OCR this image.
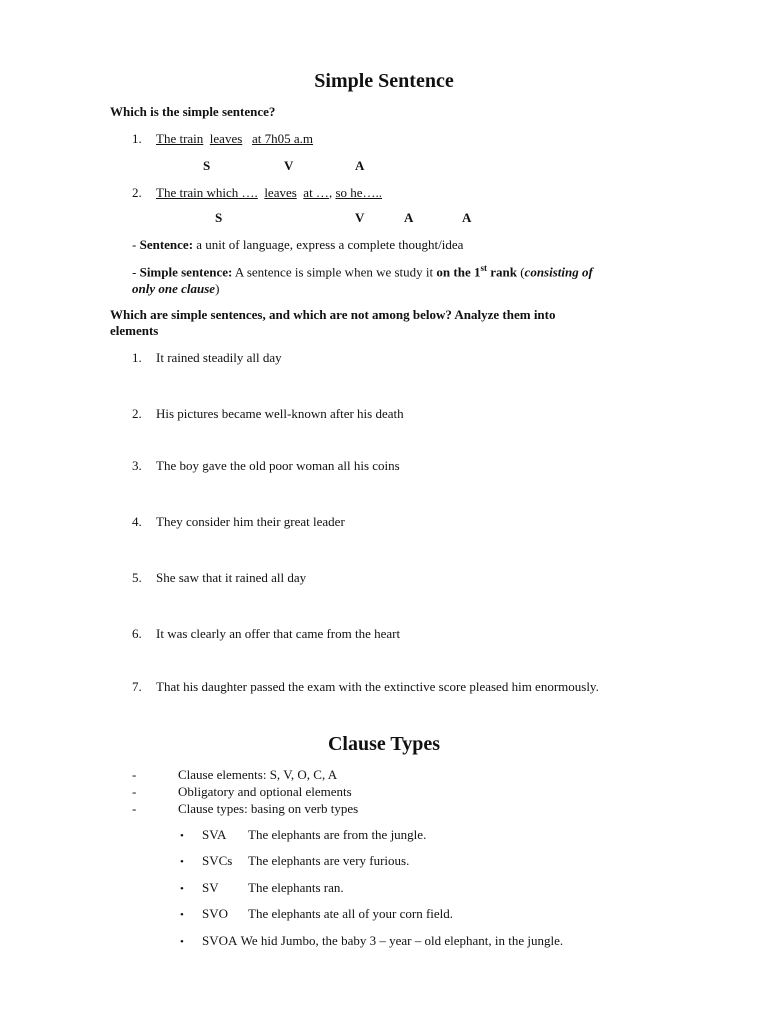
Simple Sentence
Which is the simple sentence?
1. The train leaves at 7h05 a.m
S	V	A
2. The train which …. leaves at …, so he…..
S	V	A	A
- Sentence: a unit of language, express a complete thought/idea
- Simple sentence: A sentence is simple when we study it on the 1st rank (consisting of
only one clause)
Which are simple sentences, and which are not among below? Analyze them into
elements
1. It rained steadily all day
2. His pictures became well-known after his death
3. The boy gave the old poor woman all his coins
4. They consider him their great leader
5. She saw that it rained all day
6. It was clearly an offer that came from the heart
7. That his daughter passed the exam with the extinctive score pleased him enormously.
Clause Types
-	Clause elements: S, V, O, C, A
-	Obligatory and optional elements
-	Clause types: basing on verb types
• SVA The elephants are from the jungle.
• SVCs The elephants are very furious.
• SV The elephants ran.
• SVO The elephants ate all of your corn field.
• SVOA We hid Jumbo, the baby 3 – year – old elephant, in the jungle.
